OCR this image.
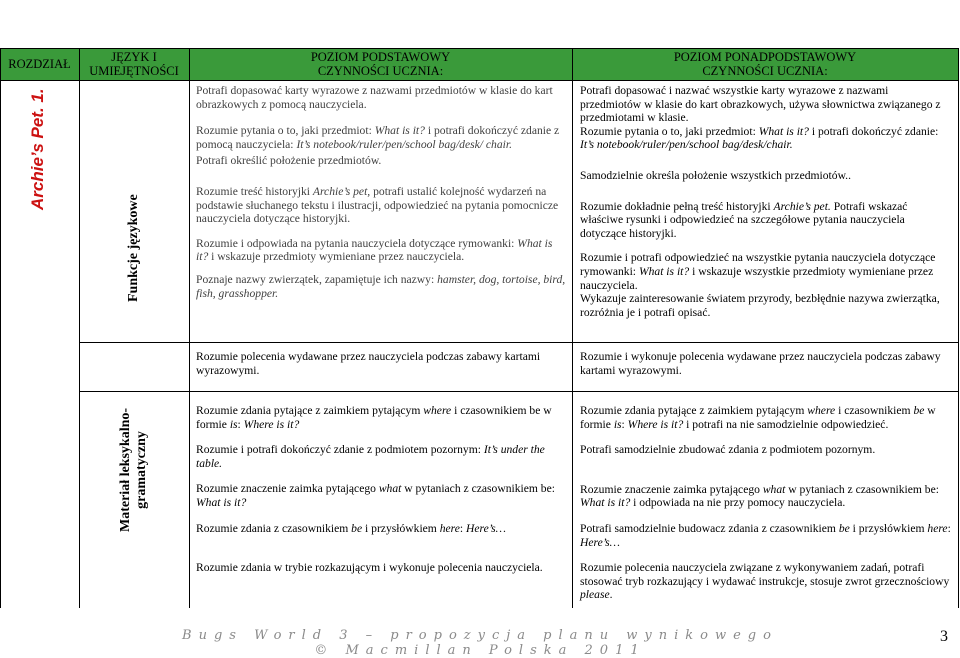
ROZDZIAŁ	JĘZYK I
UMIEJĘTNOŚCI
POZIOM PODSTAWOWY
CZYNNOŚCI UCZNIA:
POZIOM PONADPODSTAWOWY
CZYNNOŚCI UCZNIA:
Archie’s Pet. 1.
Funkcje językowe
Materiał leksykalno- gramatyczny

Potrafi dopasować karty wyrazowe z nazwami przedmiotów w klasie do kart obrazkowych z pomocą nauczyciela.

Rozumie pytania o to, jaki przedmiot: What is it? i potrafi dokończyć zdanie z pomocą nauczyciela: It’s notebook/ruler/pen/school bag/desk/ chair.

Potrafi określić położenie przedmiotów.

Rozumie treść historyjki Archie’s pet, potrafi ustalić kolejność wydarzeń na podstawie słuchanego tekstu i ilustracji, odpowiedzieć na pytania pomocnicze nauczyciela dotyczące historyjki.

Rozumie i odpowiada na pytania nauczyciela dotyczące rymowanki: What is it? i wskazuje przedmioty wymieniane przez nauczyciela.

Poznaje nazwy zwierzątek, zapamiętuje ich nazwy: hamster, dog, tortoise, bird, fish, grasshopper.

Rozumie polecenia wydawane przez nauczyciela podczas zabawy kartami wyrazowymi.

Rozumie zdania pytające z zaimkiem pytającym where i czasownikiem be w formie is: Where is it?

Rozumie i potrafi dokończyć zdanie z podmiotem pozornym: It’s under the table.

Rozumie znaczenie zaimka pytającego what w pytaniach z czasownikiem be: What is it?

Rozumie zdania z czasownikiem be i przysłówkiem here: Here’s…

Rozumie zdania w trybie rozkazującym i wykonuje polecenia nauczyciela.

Potrafi dopasować i nazwać wszystkie karty wyrazowe z nazwami przedmiotów w klasie do kart obrazkowych, używa słownictwa związanego z przedmiotami w klasie.

Rozumie pytania o to, jaki przedmiot: What is it? i potrafi dokończyć zdanie: It’s notebook/ruler/pen/school bag/desk/chair.

Samodzielnie określa położenie wszystkich przedmiotów..

Rozumie dokładnie pełną treść historyjki Archie’s pet. Potrafi wskazać właściwe rysunki i odpowiedzieć na szczegółowe pytania nauczyciela dotyczące historyjki.

Rozumie i potrafi odpowiedzieć na wszystkie pytania nauczyciela dotyczące rymowanki: What is it? i wskazuje wszystkie przedmioty wymieniane przez nauczyciela.

Wykazuje zainteresowanie światem przyrody, bezbłędnie nazywa zwierzątka, rozróżnia je i potrafi opisać.

Rozumie i wykonuje polecenia wydawane przez nauczyciela podczas zabawy kartami wyrazowymi.

Rozumie zdania pytające z zaimkiem pytającym where i czasownikiem be w formie is: Where is it? i potrafi na nie samodzielnie odpowiedzieć.

Potrafi samodzielnie zbudować zdania z podmiotem pozornym.

Rozumie znaczenie zaimka pytającego what w pytaniach z czasownikiem be: What is it? i odpowiada na nie przy pomocy nauczyciela.

Potrafi samodzielnie budowacz zdania z czasownikiem be i przysłówkiem here: Here’s…

Rozumie polecenia nauczyciela związane z wykonywaniem zadań, potrafi stosować tryb rozkazujący i wydawać instrukcje, stosuje zwrot grzecznościowy please.

Bugs World 3 – propozycja planu wynikowego
© Macmillan Polska 2011
3
